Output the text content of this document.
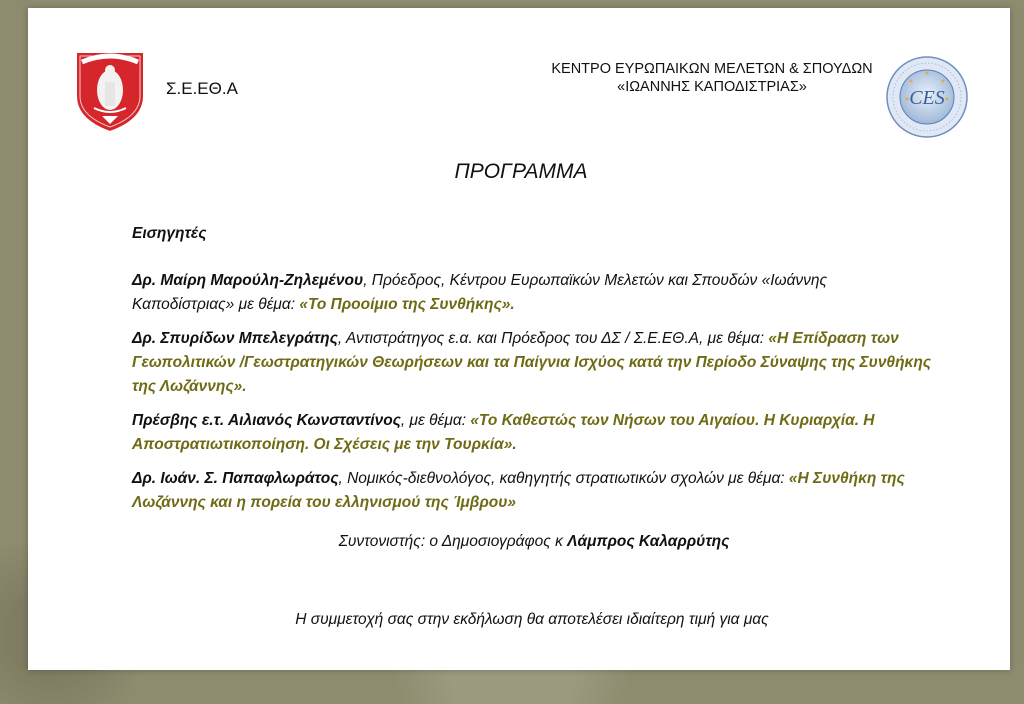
Σ.Ε.ΕΘ.Α
ΚΕΝΤΡΟ ΕΥΡΩΠΑΙΚΩΝ ΜΕΛΕΤΩΝ & ΣΠΟΥΔΩΝ
«ΙΩΑΝΝΗΣ ΚΑΠΟΔΙΣΤΡΙΑΣ»	CES
ΠΡΟΓΡΑΜΜΑ
Εισηγητές

Δρ. Μαίρη Μαρούλη-Ζηλεμένου, Πρόεδρος, Κέντρου Ευρωπαϊκών Μελετών και Σπουδών «Ιωάννης Καποδίστριας» με θέμα: «Το Προοίμιο της Συνθήκης».

Δρ. Σπυρίδων Μπελεγράτης, Αντιστράτηγος ε.α. και Πρόεδρος του ΔΣ / Σ.Ε.ΕΘ.Α, με θέμα: «Η Επίδραση των Γεωπολιτικών /Γεωστρατηγικών Θεωρήσεων και τα Παίγνια Ισχύος κατά την Περίοδο Σύναψης της Συνθήκης της Λωζάννης».

Πρέσβης ε.τ. Αιλιανός Κωνσταντίνος, με θέμα: «Το Καθεστώς των Νήσων του Αιγαίου. Η Κυριαρχία. Η Αποστρατιωτικοποίηση. Οι Σχέσεις με την Τουρκία».

Δρ. Ιωάν. Σ. Παπαφλωράτος, Νομικός-διεθνολόγος, καθηγητής στρατιωτικών σχολών με θέμα: «Η Συνθήκη της Λωζάννης και η πορεία του ελληνισμού της Ίμβρου»

Συντονιστής: ο Δημοσιογράφος κ Λάμπρος Καλαρρύτης
Η συμμετοχή σας στην εκδήλωση θα αποτελέσει ιδιαίτερη τιμή για μας
